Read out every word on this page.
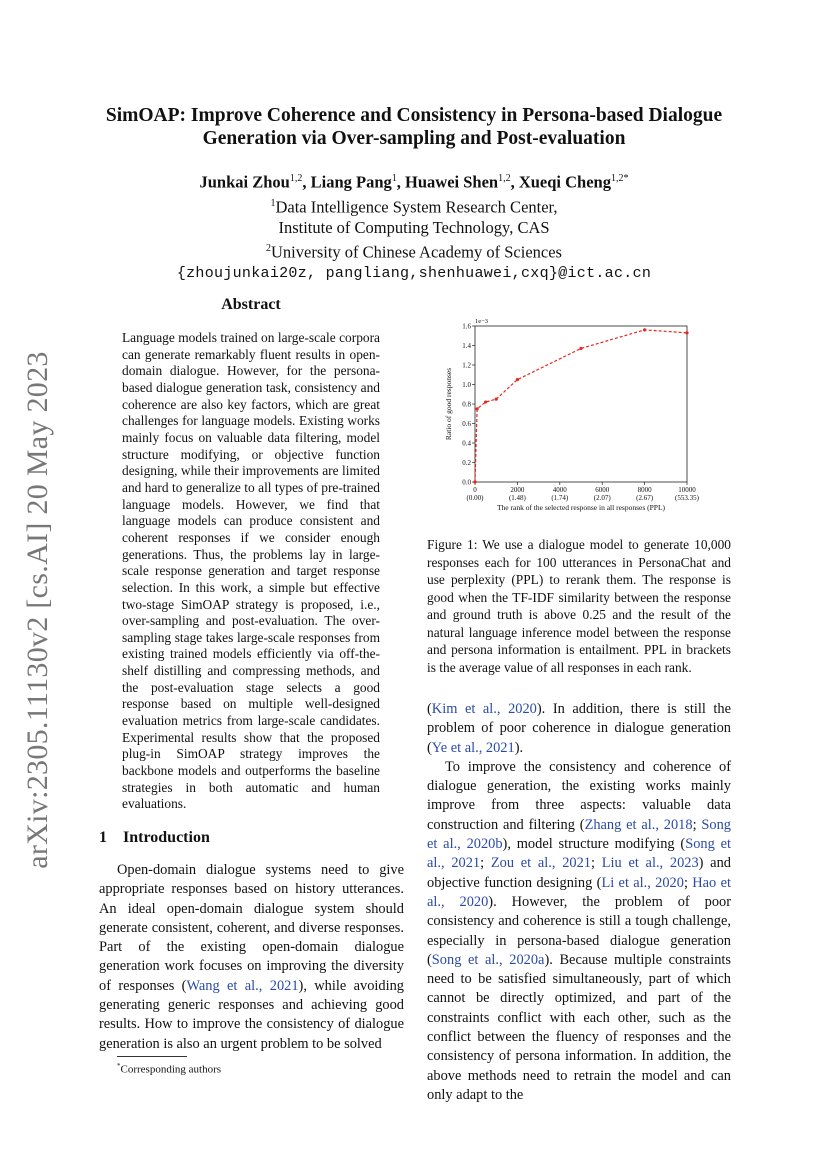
arXiv:2305.11130v2 [cs.AI] 20 May 2023
SimOAP: Improve Coherence and Consistency in Persona-based Dialogue
Generation via Over-sampling and Post-evaluation
Junkai Zhou$^{1,2}$, Liang Pang$^1$, Huawei Shen$^{1,2}$, Xueqi Cheng$^{1,2*}$
$^1$Data Intelligence System Research Center,
Institute of Computing Technology, CAS
$^2$University of Chinese Academy of Sciences
{zhoujunkai20z, pangliang,shenhuawei,cxq}@ict.ac.cn
Abstract
Language models trained on large-scale corpora can generate remarkably fluent results in open-domain dialogue. However, for the persona-based dialogue generation task, consistency and coherence are also key factors, which are great challenges for language models. Existing works mainly focus on valuable data filtering, model structure modifying, or objective function designing, while their improvements are limited and hard to generalize to all types of pre-trained language models. However, we find that language models can produce consistent and coherent responses if we consider enough generations. Thus, the problems lay in large-scale response generation and target response selection. In this work, a simple but effective two-stage SimOAP strategy is proposed, i.e., over-sampling and post-evaluation. The over-sampling stage takes large-scale responses from existing trained models efficiently via off-the-shelf distilling and compressing methods, and the post-evaluation stage selects a good response based on multiple well-designed evaluation metrics from large-scale candidates. Experimental results show that the proposed plug-in SimOAP strategy improves the backbone models and outperforms the baseline strategies in both automatic and human evaluations.
1 Introduction
Open-domain dialogue systems need to give appropriate responses based on history utterances. An ideal open-domain dialogue system should generate consistent, coherent, and diverse responses. Part of the existing open-domain dialogue generation work focuses on improving the diversity of responses (Wang et al., 2021), while avoiding generating generic responses and achieving good results. How to improve the consistency of dialogue generation is also an urgent problem to be solved
*Corresponding authors
0.0
0.2
0.4
0.6
0.8
1.0
1.2
1.4
1.6
0
(0.00)
2000
(1.48)
4000
(1.74)
6000
(2.07)
8000
(2.67)
10000
(553.35)
1e−3
The rank of the selected response in all responses (PPL)
Ratio of good responses
Figure 1: We use a dialogue model to generate 10,000 responses each for 100 utterances in PersonaChat and use perplexity (PPL) to rerank them. The response is good when the TF-IDF similarity between the response and ground truth is above 0.25 and the result of the natural language inference model between the response and persona information is entailment. PPL in brackets is the average value of all responses in each rank.

(Kim et al., 2020). In addition, there is still the problem of poor coherence in dialogue generation (Ye et al., 2021).

To improve the consistency and coherence of dialogue generation, the existing works mainly improve from three aspects: valuable data construction and filtering (Zhang et al., 2018; Song et al., 2020b), model structure modifying (Song et al., 2021; Zou et al., 2021; Liu et al., 2023) and objective function designing (Li et al., 2020; Hao et al., 2020). However, the problem of poor consistency and coherence is still a tough challenge, especially in persona-based dialogue generation (Song et al., 2020a). Because multiple constraints need to be satisfied simultaneously, part of which cannot be directly optimized, and part of the constraints conflict with each other, such as the conflict between the fluency of responses and the consistency of persona information. In addition, the above methods need to retrain the model and can only adapt to the
